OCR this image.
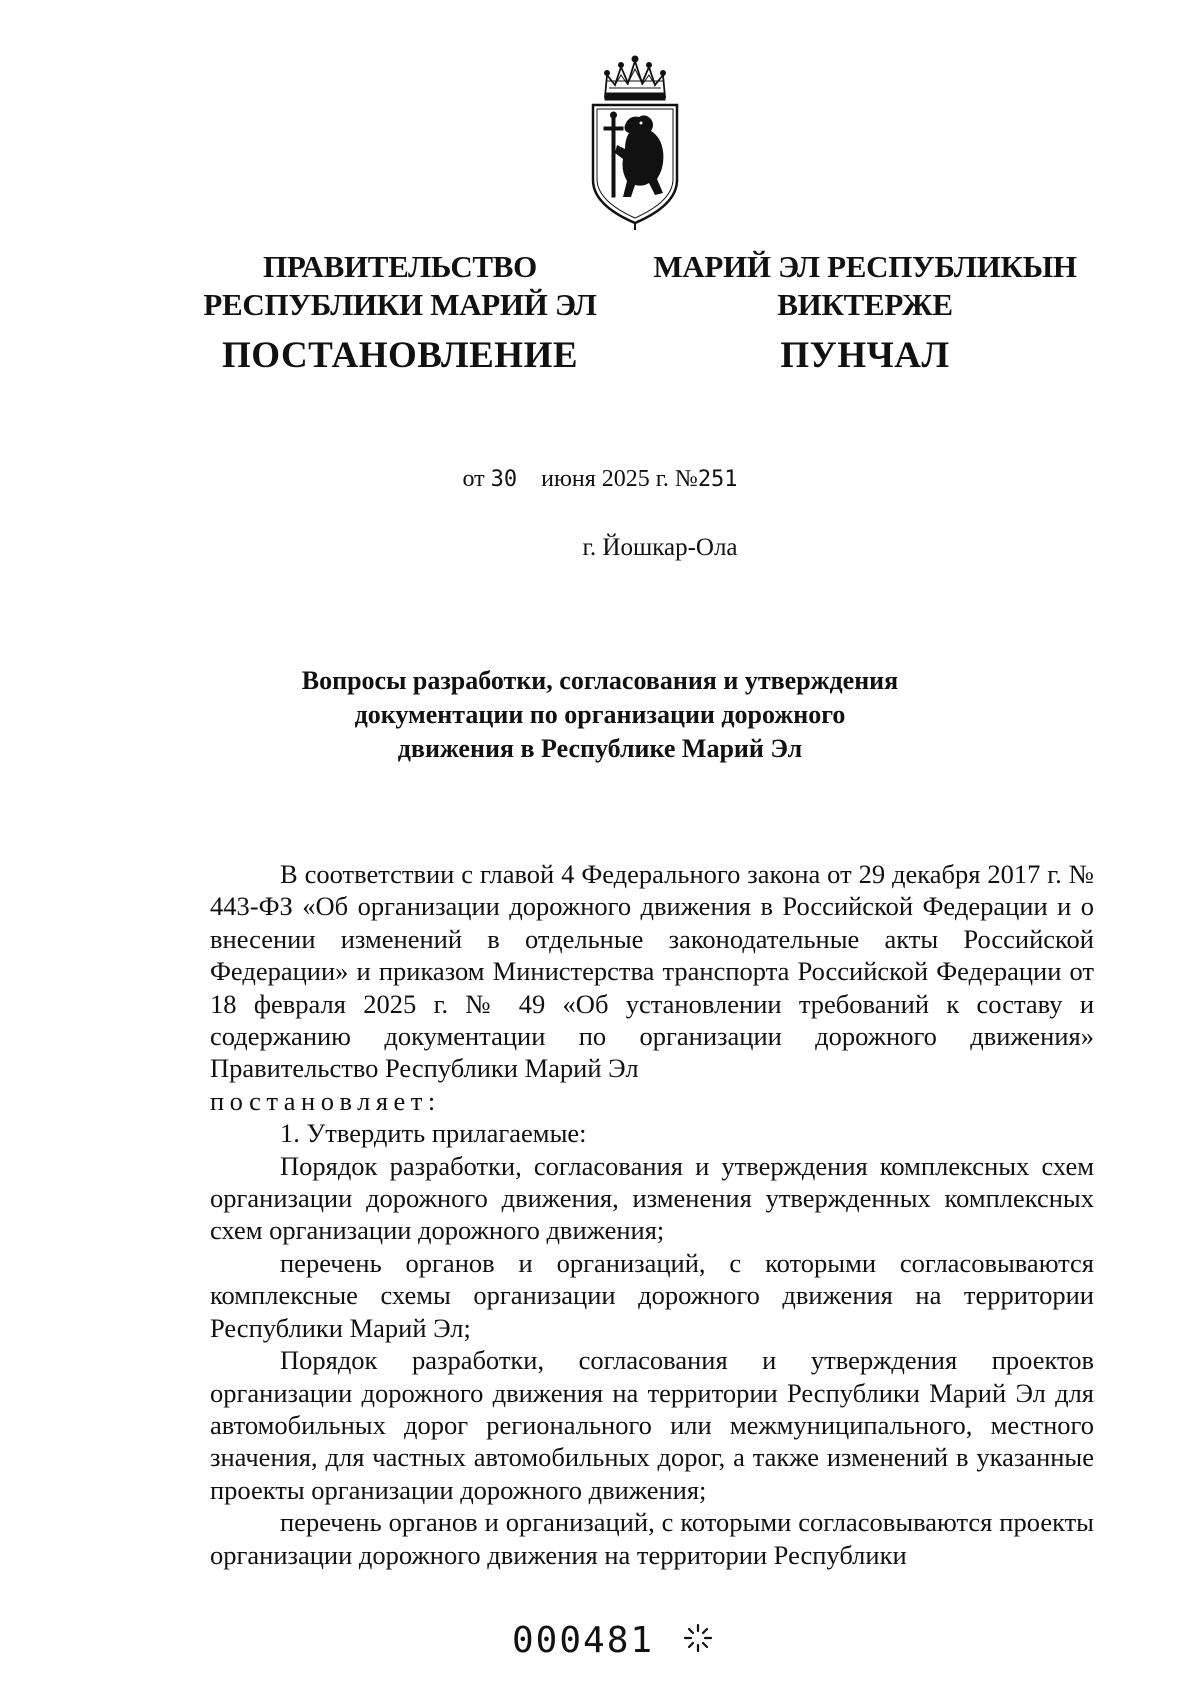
ПРАВИТЕЛЬСТВО
РЕСПУБЛИКИ МАРИЙ ЭЛ
ПОСТАНОВЛЕНИЕ
МАРИЙ ЭЛ РЕСПУБЛИКЫН
ВИКТЕРЖЕ
ПУНЧАЛ
от 30 июня 2025 г. №251
г. Йошкар-Ола
Вопросы разработки, согласования и утверждения
документации по организации дорожного
движения в Республике Марий Эл

В соответствии с главой 4 Федерального закона от 29 декабря 2017 г. № 443-ФЗ «Об организации дорожного движения в Российской Федерации и о внесении изменений в отдельные законодательные акты Российской Федерации» и приказом Министерства транспорта Российской Федерации от 18 февраля 2025 г. № 49 «Об установлении требований к составу и содержанию документации по организации дорожного движения» Правительство Республики Марий Эл

постановляет:

1. Утвердить прилагаемые:

Порядок разработки, согласования и утверждения комплексных схем организации дорожного движения, изменения утвержденных комплексных схем организации дорожного движения;

перечень органов и организаций, с которыми согласовываются комплексные схемы организации дорожного движения на территории Республики Марий Эл;

Порядок разработки, согласования и утверждения проектов организации дорожного движения на территории Республики Марий Эл для автомобильных дорог регионального или межмуниципального, местного значения, для частных автомобильных дорог, а также изменений в указанные проекты организации дорожного движения;

перечень органов и организаций, с которыми согласовываются проекты организации дорожного движения на территории Республики

000481
